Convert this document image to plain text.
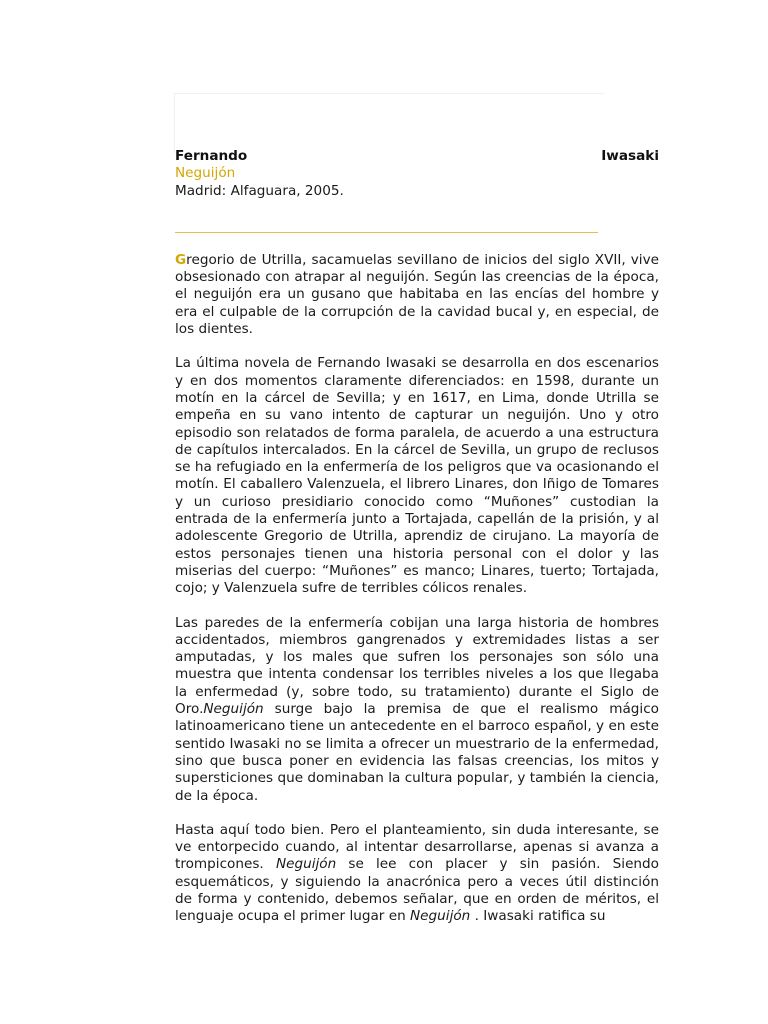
Fernando	Iwasaki
Neguijón
Madrid: Alfaguara, 2005.

Gregorio de Utrilla, sacamuelas sevillano de inicios del siglo XVII, vive obsesionado con atrapar al neguijón. Según las creencias de la época, el neguijón era un gusano que habitaba en las encías del hombre y era el culpable de la corrupción de la cavidad bucal y, en especial, de los dientes.

La última novela de Fernando Iwasaki se desarrolla en dos escenarios y en dos momentos claramente diferenciados: en 1598, durante un motín en la cárcel de Sevilla; y en 1617, en Lima, donde Utrilla se empeña en su vano intento de capturar un neguijón. Uno y otro episodio son relatados de forma paralela, de acuerdo a una estructura de capítulos intercalados. En la cárcel de Sevilla, un grupo de reclusos se ha refugiado en la enfermería de los peligros que va ocasionando el motín. El caballero Valenzuela, el librero Linares, don Iñigo de Tomares y un curioso presidiario conocido como “Muñones” custodian la entrada de la enfermería junto a Tortajada, capellán de la prisión, y al adolescente Gregorio de Utrilla, aprendiz de cirujano. La mayoría de estos personajes tienen una historia personal con el dolor y las miserias del cuerpo: “Muñones” es manco; Linares, tuerto; Tortajada, cojo; y Valenzuela sufre de terribles cólicos renales.

Las paredes de la enfermería cobijan una larga historia de hombres accidentados, miembros gangrenados y extremidades listas a ser amputadas, y los males que sufren los personajes son sólo una muestra que intenta condensar los terribles niveles a los que llegaba la enfermedad (y, sobre todo, su tratamiento) durante el Siglo de Oro.Neguijón surge bajo la premisa de que el realismo mágico latinoamericano tiene un antecedente en el barroco español, y en este sentido Iwasaki no se limita a ofrecer un muestrario de la enfermedad, sino que busca poner en evidencia las falsas creencias, los mitos y supersticiones que dominaban la cultura popular, y también la ciencia, de la época.

Hasta aquí todo bien. Pero el planteamiento, sin duda interesante, se ve entorpecido cuando, al intentar desarrollarse, apenas si avanza a trompicones. Neguijón se lee con placer y sin pasión. Siendo esquemáticos, y siguiendo la anacrónica pero a veces útil distinción de forma y contenido, debemos señalar, que en orden de méritos, el lenguaje ocupa el primer lugar en Neguijón . Iwasaki ratifica su
